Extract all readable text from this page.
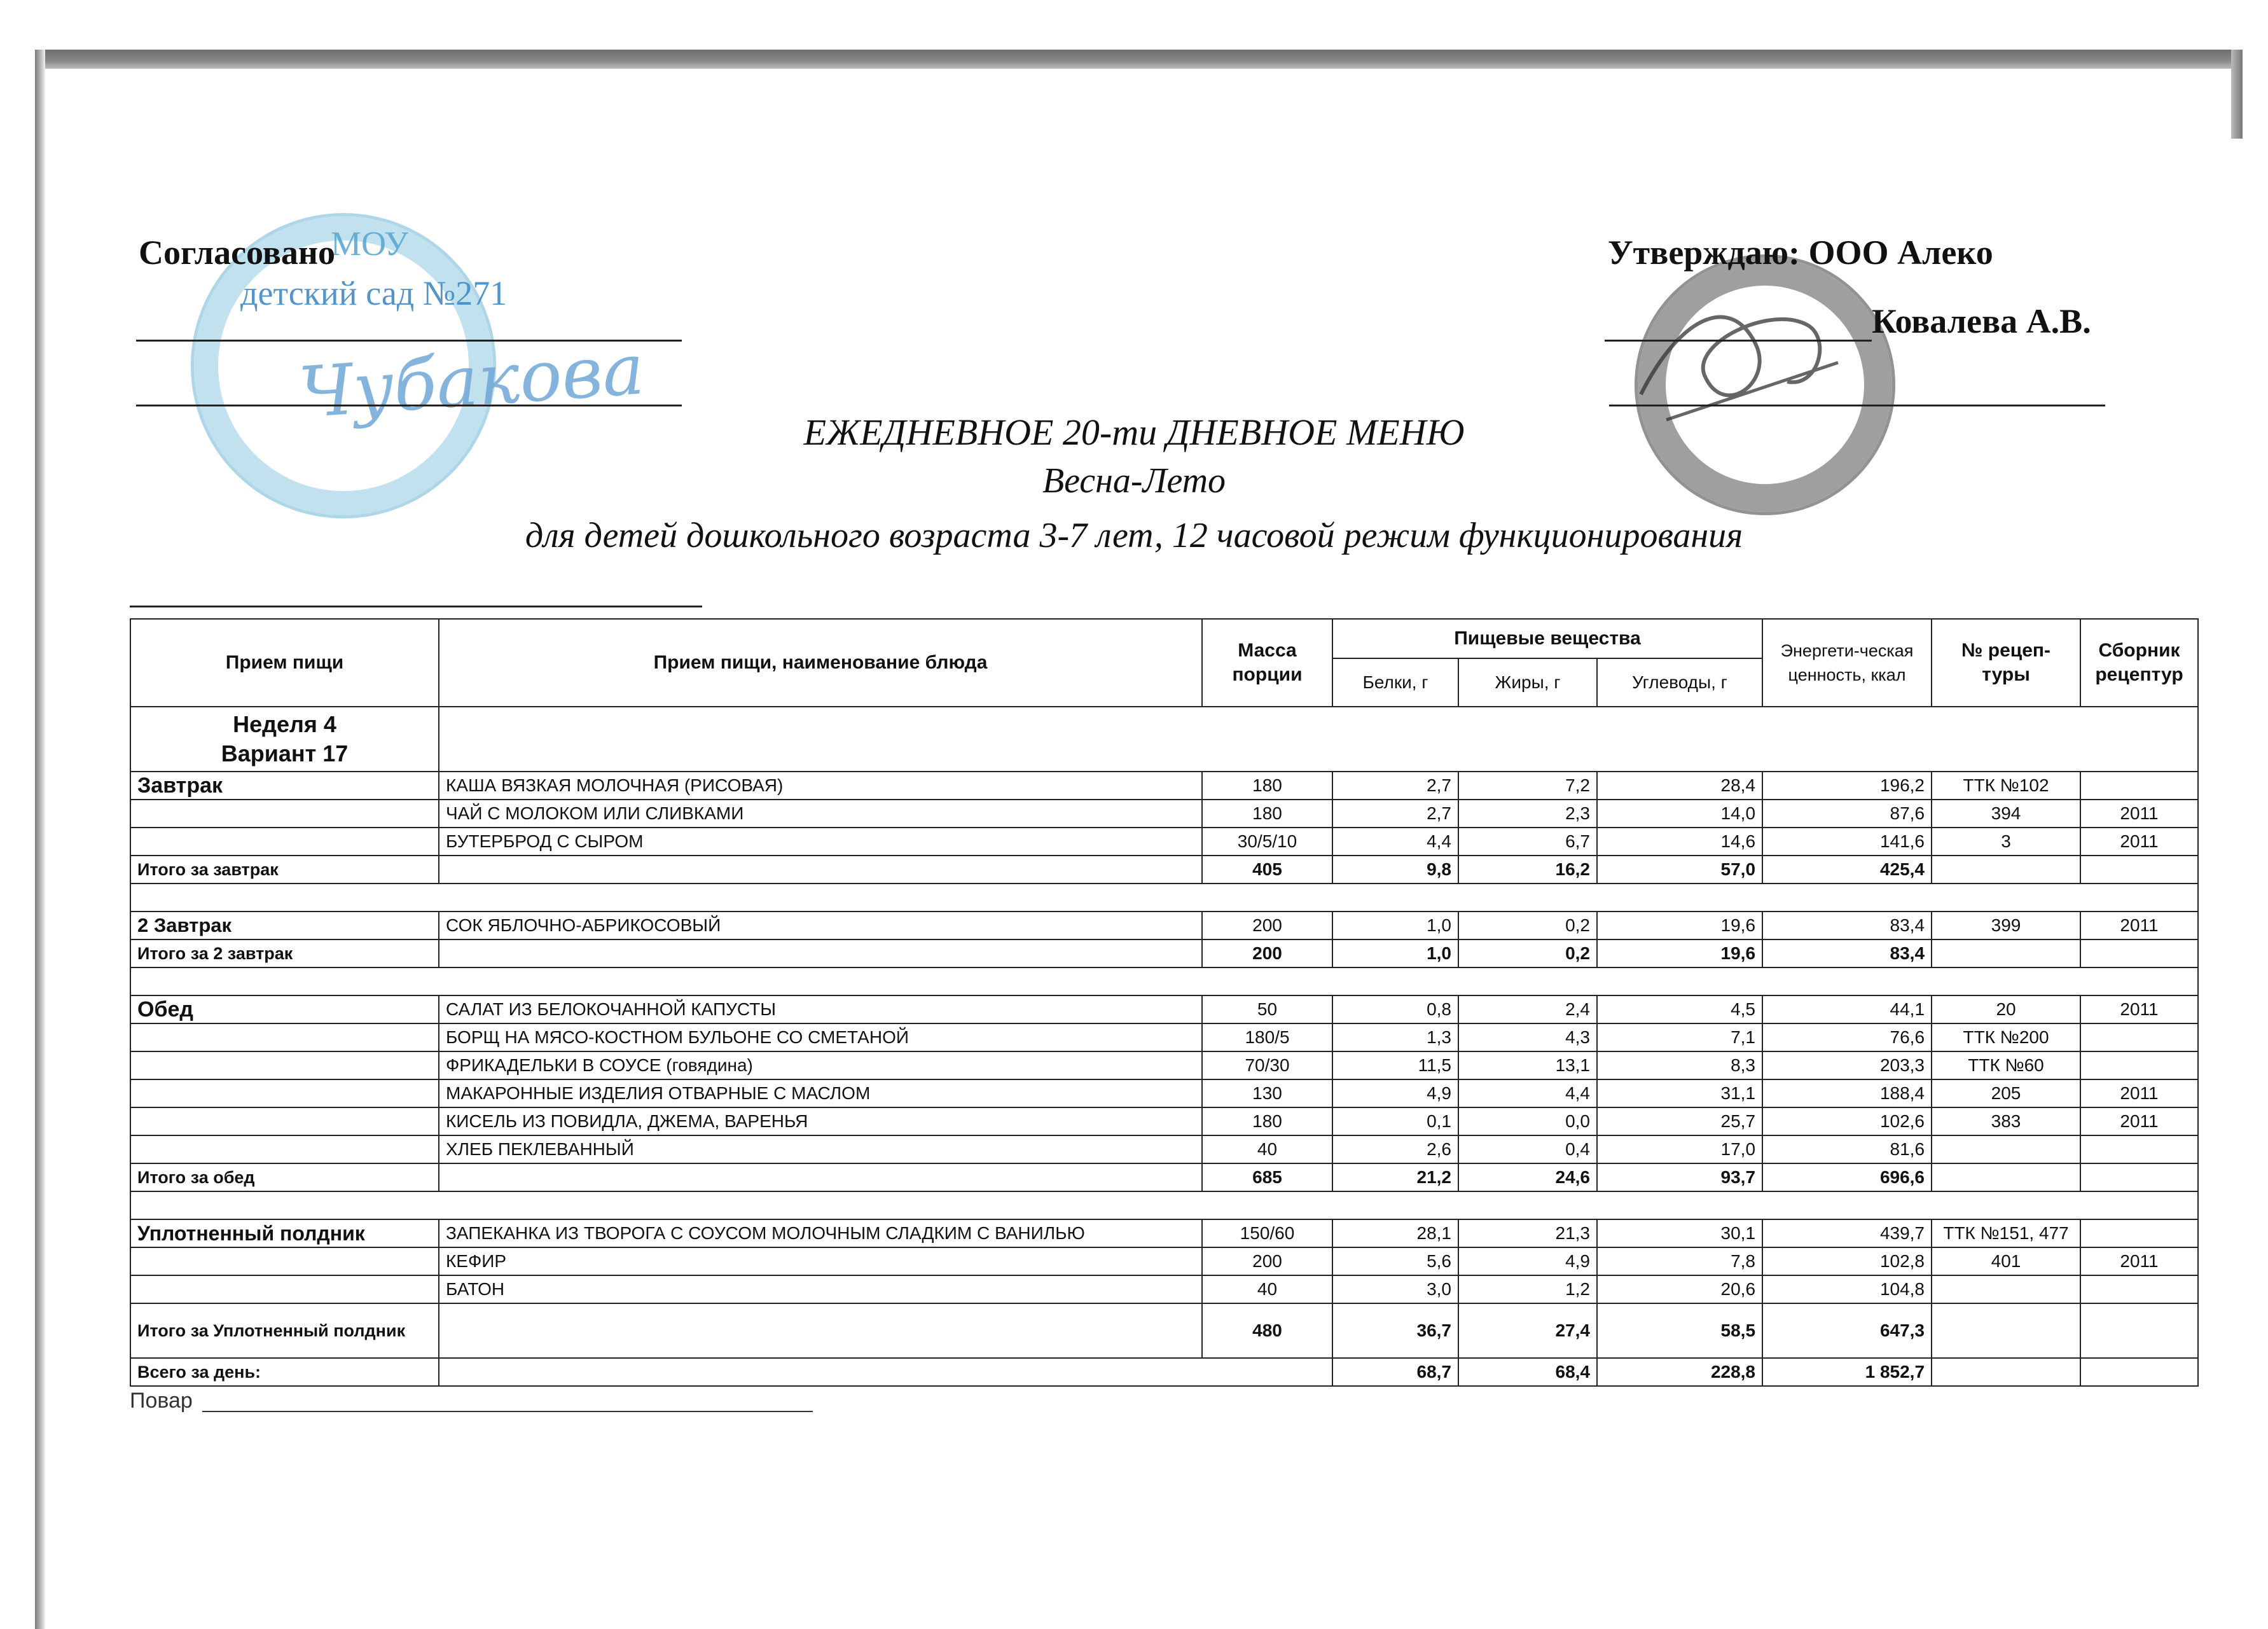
МОУ
детский сад №271
Чубакова
Согласовано	Утверждаю: ООО Алеко
Ковалева А.В.
ЕЖЕДНЕВНОЕ 20-ти ДНЕВНОЕ МЕНЮ
Весна-Лето
для детей дошкольного возраста 3-7 лет, 12 часовой режим функционирования
Прием пищи	Прием пищи, наименование блюда	Масса порции	Пищевые вещества			Энергети-ческая ценность, ккал	№ рецеп-туры	Сборник рецептур
			Белки, г	Жиры, г	Углеводы, г			

Неделя 4
Вариант 17								

Завтрак	КАША ВЯЗКАЯ МОЛОЧНАЯ (РИСОВАЯ)	180	2,7	7,2	28,4	196,2	ТТК №102	
	ЧАЙ С МОЛОКОМ ИЛИ СЛИВКАМИ	180	2,7	2,3	14,0	87,6	394	2011
	БУТЕРБРОД С СЫРОМ	30/5/10	4,4	6,7	14,6	141,6	3	2011
Итого за завтрак		405	9,8	16,2	57,0	425,4		

2 Завтрак	СОК ЯБЛОЧНО-АБРИКОСОВЫЙ	200	1,0	0,2	19,6	83,4	399	2011
Итого за 2 завтрак		200	1,0	0,2	19,6	83,4		

Обед	САЛАТ ИЗ БЕЛОКОЧАННОЙ КАПУСТЫ	50	0,8	2,4	4,5	44,1	20	2011
	БОРЩ НА МЯСО-КОСТНОМ БУЛЬОНЕ СО СМЕТАНОЙ	180/5	1,3	4,3	7,1	76,6	ТТК №200	
	ФРИКАДЕЛЬКИ В СОУСЕ (говядина)	70/30	11,5	13,1	8,3	203,3	ТТК №60	
	МАКАРОННЫЕ ИЗДЕЛИЯ ОТВАРНЫЕ С МАСЛОМ	130	4,9	4,4	31,1	188,4	205	2011
	КИСЕЛЬ ИЗ ПОВИДЛА, ДЖЕМА, ВАРЕНЬЯ	180	0,1	0,0	25,7	102,6	383	2011
	ХЛЕБ ПЕКЛЕВАННЫЙ	40	2,6	0,4	17,0	81,6		
Итого за обед		685	21,2	24,6	93,7	696,6		

Уплотненный полдник	ЗАПЕКАНКА ИЗ ТВОРОГА С СОУСОМ МОЛОЧНЫМ СЛАДКИМ С ВАНИЛЬЮ	150/60	28,1	21,3	30,1	439,7	ТТК №151, 477	
	КЕФИР	200	5,6	4,9	7,8	102,8	401	2011
	БАТОН	40	3,0	1,2	20,6	104,8		
Итого за Уплотненный полдник		480	36,7	27,4	58,5	647,3		
Всего за день:			68,7	68,4	228,8	1 852,7		
Повар
